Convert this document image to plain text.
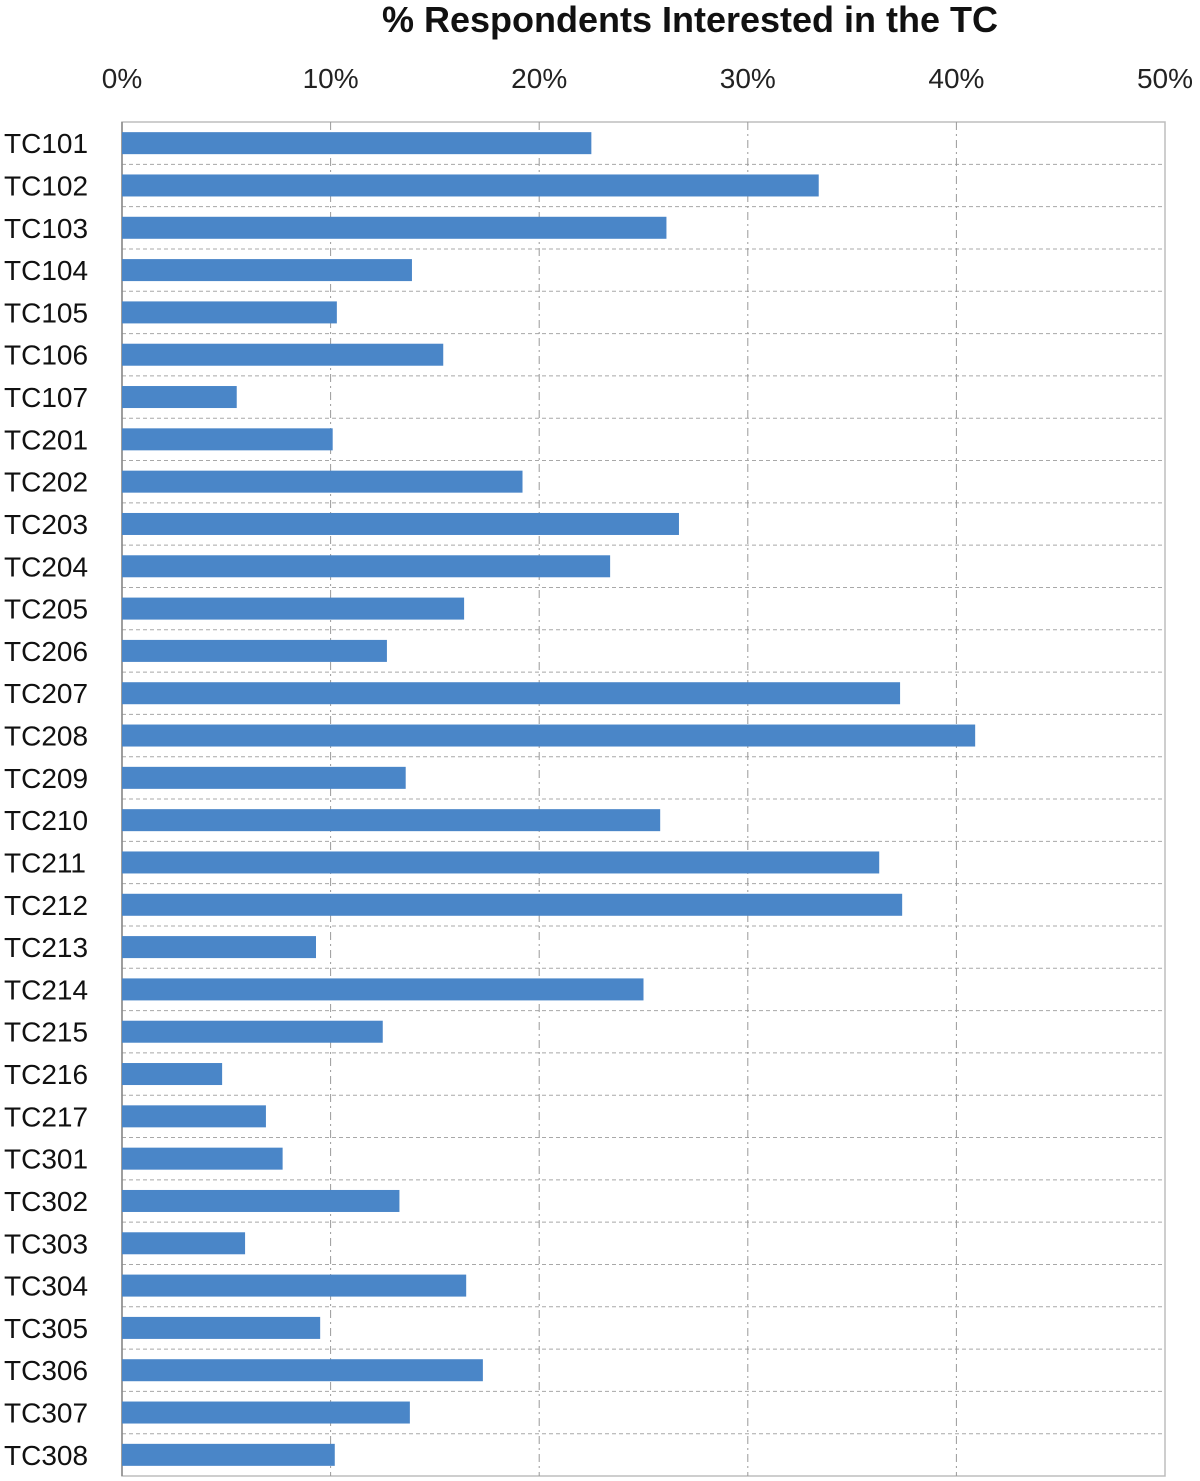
% Respondents Interested in the TC
0%	10%	20%	30%	40%	50%
TC101
TC102
TC103
TC104
TC105
TC106
TC107
TC201
TC202
TC203
TC204
TC205
TC206
TC207
TC208
TC209
TC210
TC211
TC212
TC213
TC214
TC215
TC216
TC217
TC301
TC302
TC303
TC304
TC305
TC306
TC307
TC308
